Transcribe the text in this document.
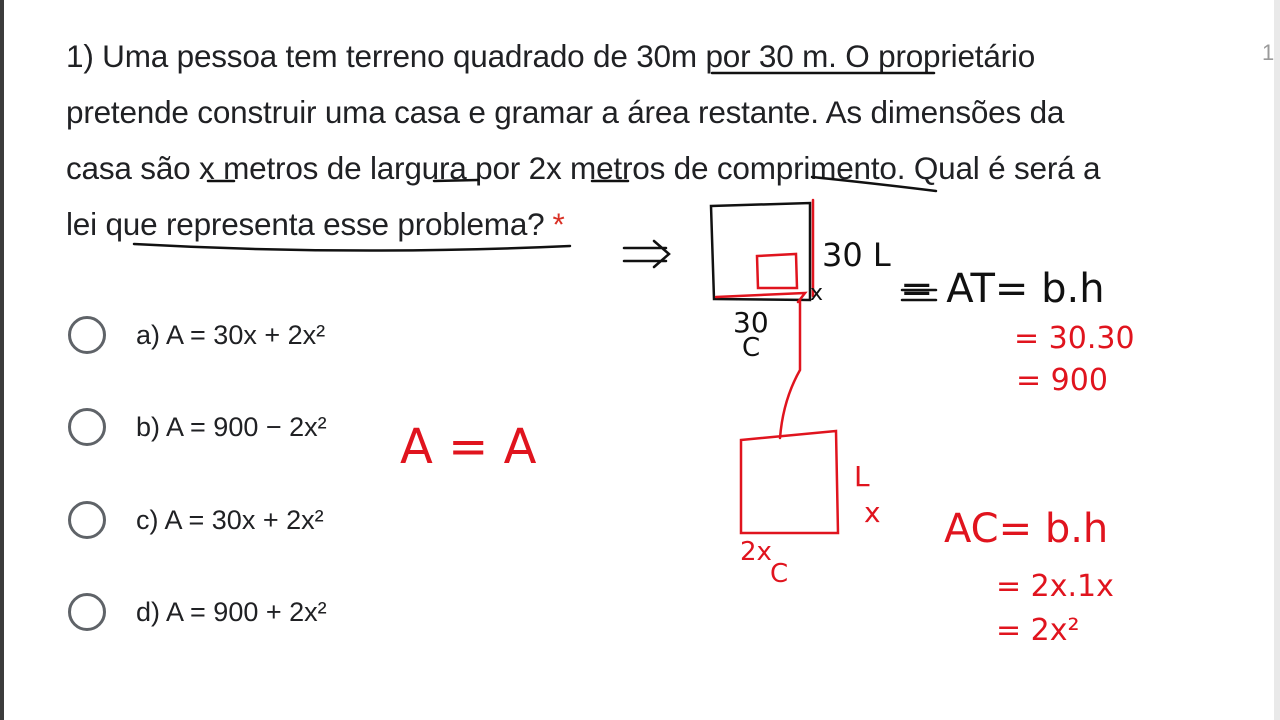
1
1) Uma pessoa tem terreno quadrado de 30m por 30 m. O proprietário
pretende construir uma casa e gramar a área restante. As dimensões da
casa são x metros de largura por 2x metros de comprimento. Qual é será a
lei que representa esse problema? *
a) A = 30x + 2x²
b) A = 900 − 2x²
c) A = 30x + 2x²
d) A = 900 + 2x²
30 L
x
30
C
= AT= b.h
= 30.30
= 900
A = A
L
x
2x
C
AC= b.h
= 2x.1x
= 2x²
